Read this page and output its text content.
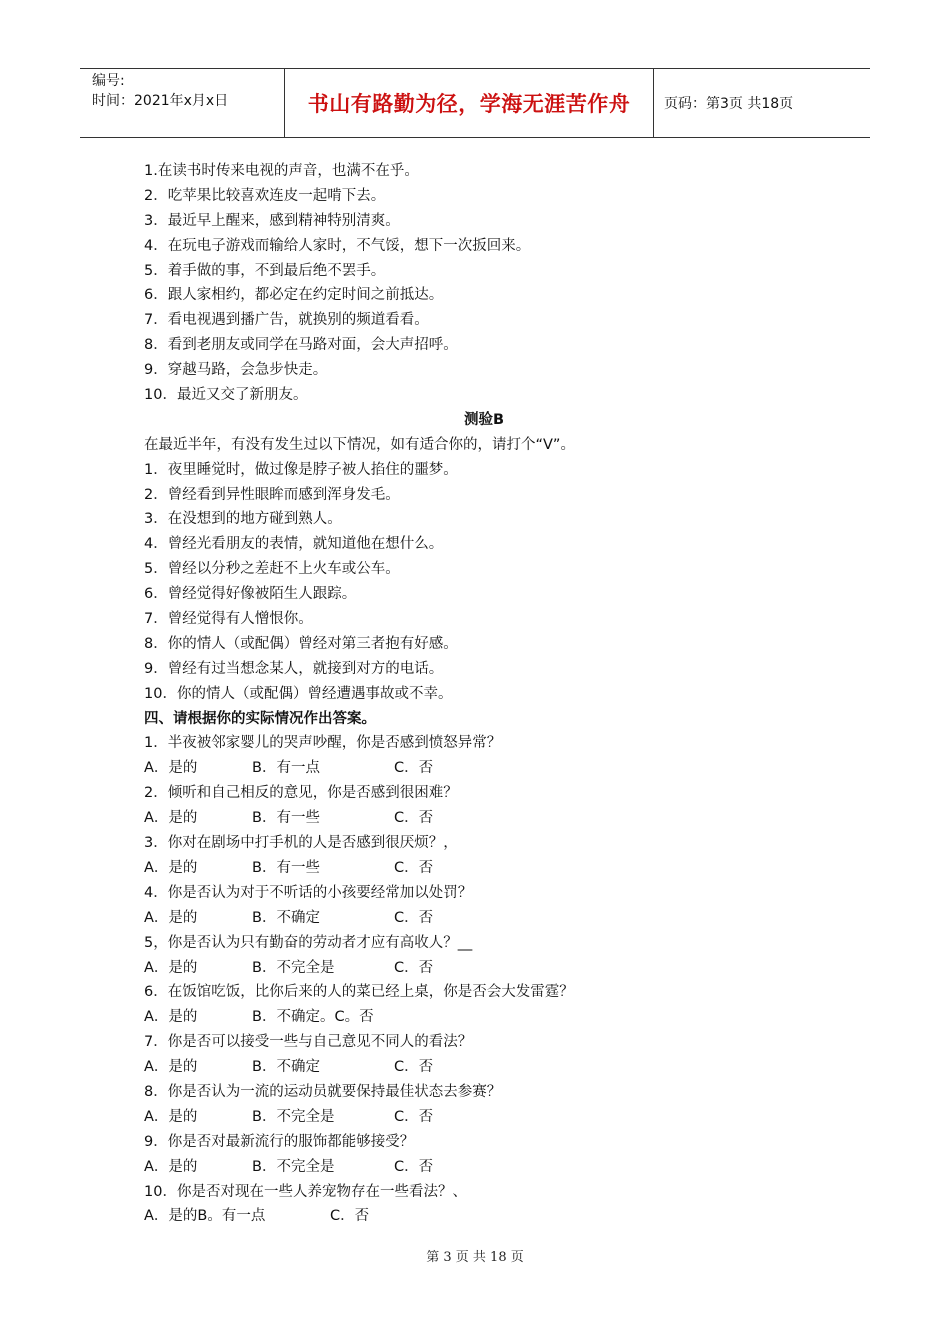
编号:
时间：2021年x月x日	书山有路勤为径，学海无涯苦作舟	页码：第3页 共18页
1.在读书时传来电视的声音，也满不在乎。
2．吃苹果比较喜欢连皮一起啃下去。
3．最近早上醒来，感到精神特别清爽。
4．在玩电子游戏而输给人家时，不气馁，想下一次扳回来。
5．着手做的事，不到最后绝不罢手。
6．跟人家相约，都必定在约定时间之前抵达。
7．看电视遇到播广告，就换别的频道看看。
8．看到老朋友或同学在马路对面，会大声招呼。
9．穿越马路，会急步快走。
10．最近又交了新朋友。
测验B
在最近半年，有没有发生过以下情况，如有适合你的，请打个“V”。
1．夜里睡觉时，做过像是脖子被人掐住的噩梦。
2．曾经看到异性眼眸而感到浑身发毛。
3．在没想到的地方碰到熟人。
4．曾经光看朋友的表情，就知道他在想什么。
5．曾经以分秒之差赶不上火车或公车。
6．曾经觉得好像被陌生人跟踪。
7．曾经觉得有人憎恨你。
8．你的情人（或配偶）曾经对第三者抱有好感。
9．曾经有过当想念某人，就接到对方的电话。
10．你的情人（或配偶）曾经遭遇事故或不幸。
四、请根据你的实际情况作出答案。
1．半夜被邻家婴儿的哭声吵醒，你是否感到愤怒异常？
A．是的	B．有一点	C．否
2．倾听和自己相反的意见，你是否感到很困难？
A．是的	B．有一些	C．否
3．你对在剧场中打手机的人是否感到很厌烦？，
A．是的	B．有一些	C．否
4．你是否认为对于不听话的小孩要经常加以处罚？
A．是的	B．不确定	C．否
5，你是否认为只有勤奋的劳动者才应有高收人？__
A．是的	B．不完全是	C．否
6．在饭馆吃饭，比你后来的人的菜已经上桌，你是否会大发雷霆？
A．是的	B．不确定。C。否
7．你是否可以接受一些与自己意见不同人的看法？
A．是的	B．不确定	C．否
8．你是否认为一流的运动员就要保持最佳状态去参赛？
A．是的	B．不完全是	C．否
9．你是否对最新流行的服饰都能够接受？
A．是的	B．不完全是	C．否
10．你是否对现在一些人养宠物存在一些看法？、
A．是的B。有一点	C．否
第 3 页 共 18 页
